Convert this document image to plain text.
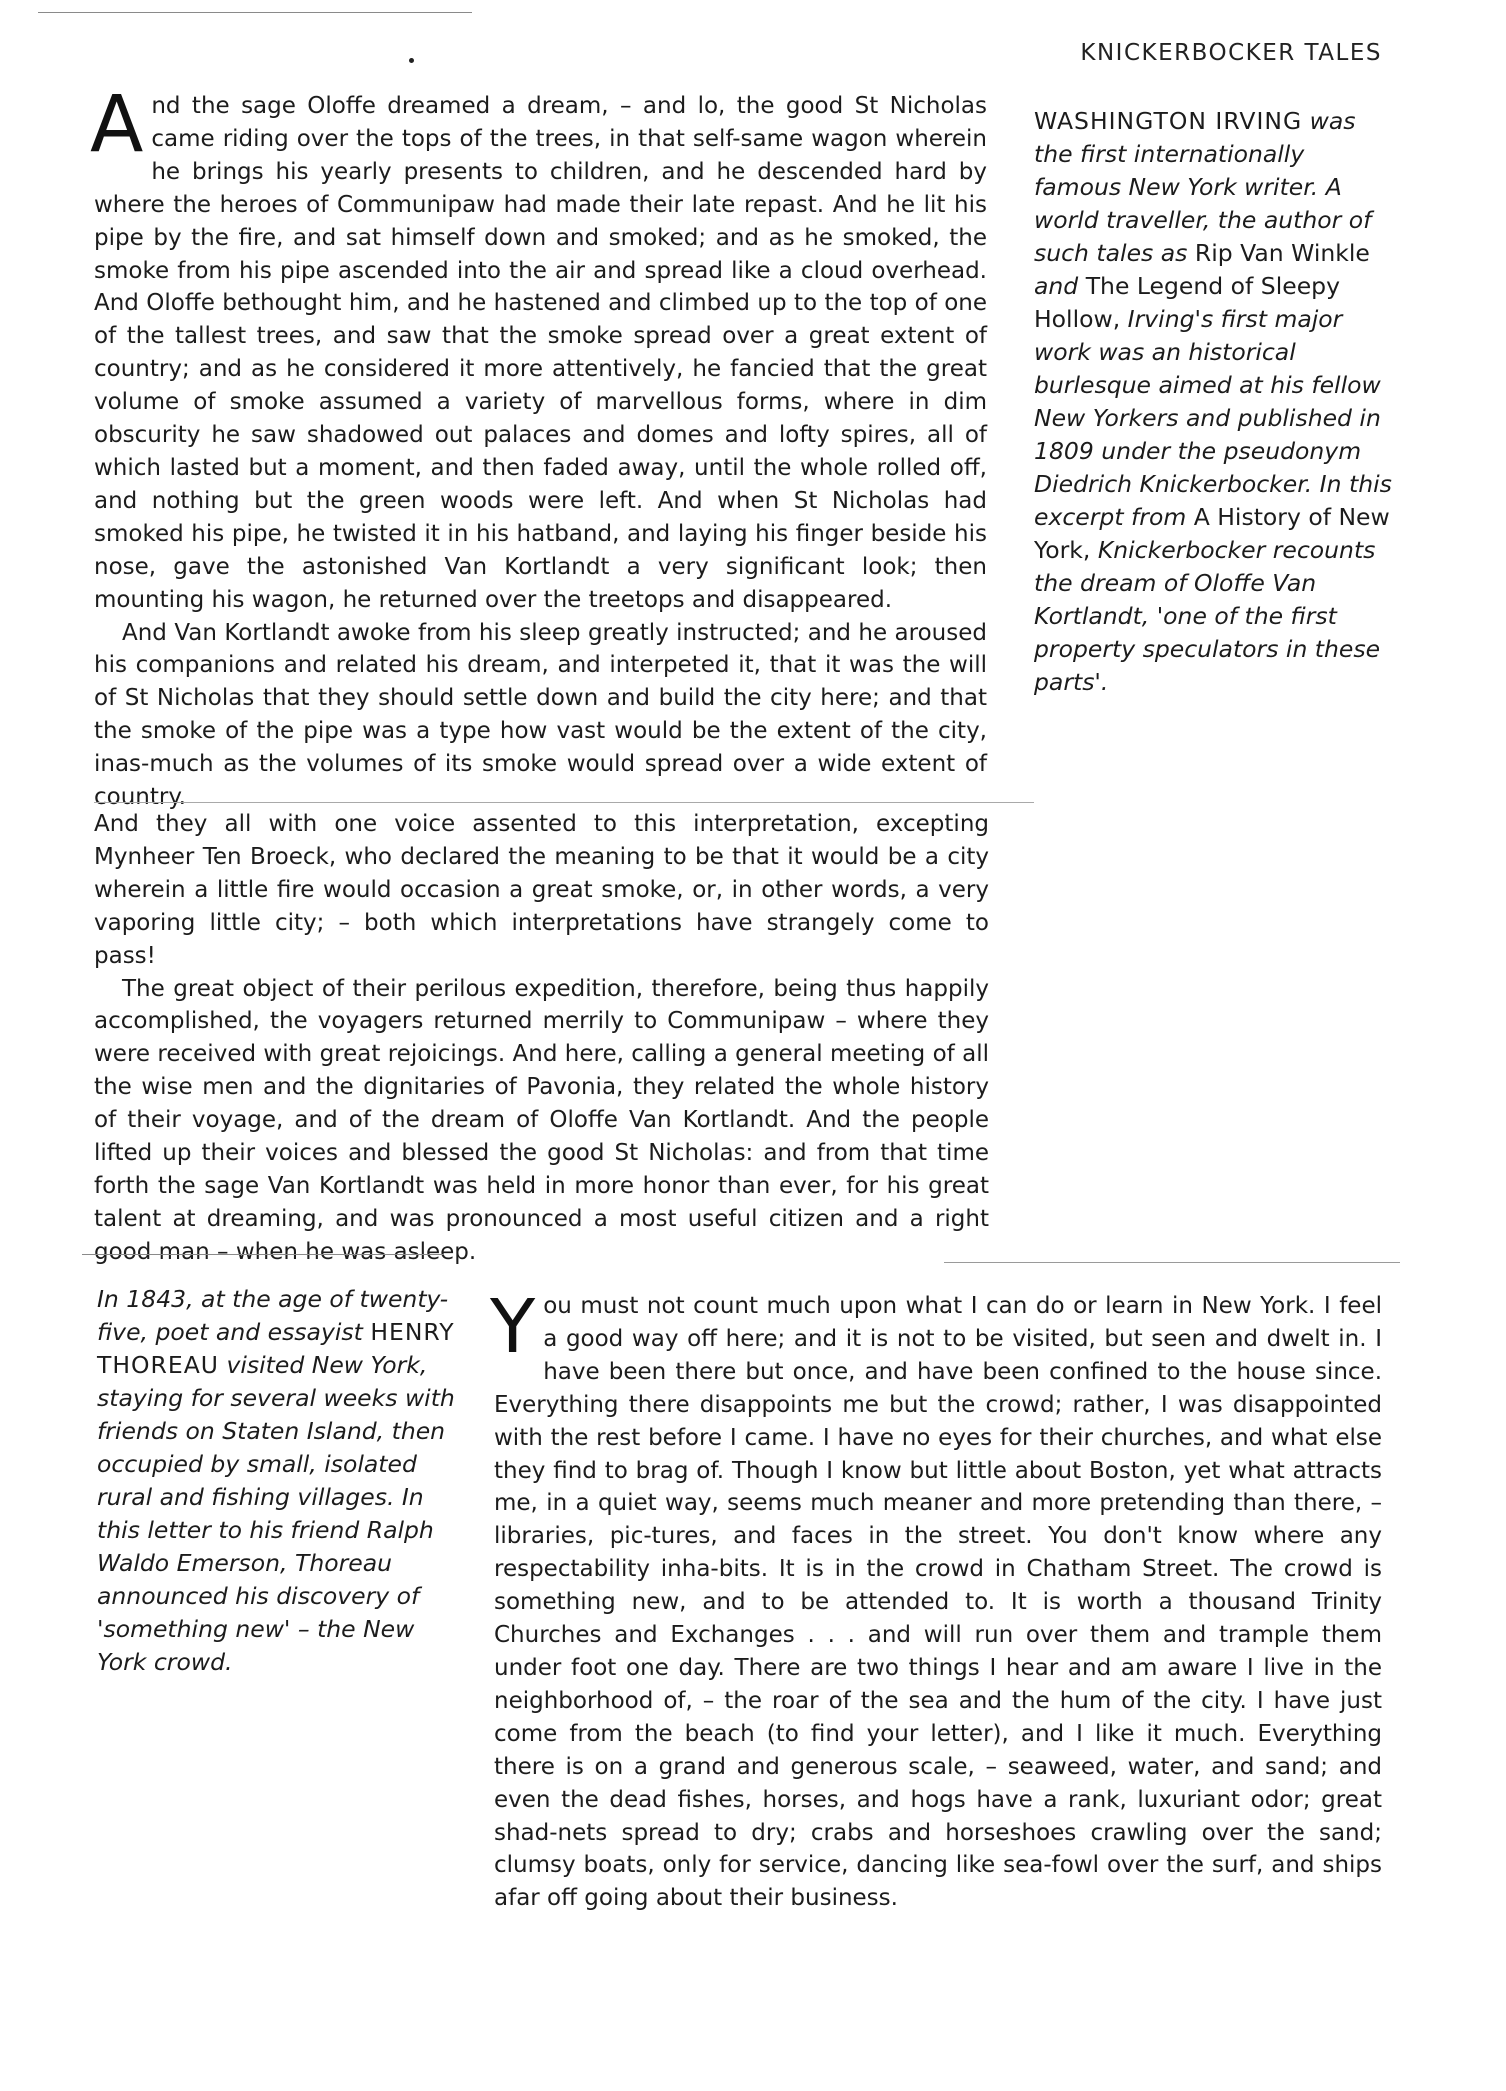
KNICKERBOCKER TALES

And the sage Oloffe dreamed a dream, – and lo, the good St Nicholas came riding over the tops of the trees, in that self-same wagon wherein he brings his yearly presents to children, and he descended hard by where the heroes of Communipaw had made their late repast. And he lit his pipe by the fire, and sat himself down and smoked; and as he smoked, the smoke from his pipe ascended into the air and spread like a cloud overhead. And Oloffe bethought him, and he hastened and climbed up to the top of one of the tallest trees, and saw that the smoke spread over a great extent of country; and as he considered it more attentively, he fancied that the great volume of smoke assumed a variety of marvellous forms, where in dim obscurity he saw shadowed out palaces and domes and lofty spires, all of which lasted but a moment, and then faded away, until the whole rolled off, and nothing but the green woods were left. And when St Nicholas had smoked his pipe, he twisted it in his hatband, and laying his finger beside his nose, gave the astonished Van Kortlandt a very significant look; then mounting his wagon, he returned over the treetops and disappeared.

And Van Kortlandt awoke from his sleep greatly instructed; and he aroused his companions and related his dream, and interpeted it, that it was the will of St Nicholas that they should settle down and build the city here; and that the smoke of the pipe was a type how vast would be the extent of the city, inas-much as the volumes of its smoke would spread over a wide extent of country.

WASHINGTON IRVING was the first internationally famous New York writer. A world traveller, the author of such tales as Rip Van Winkle and The Legend of Sleepy Hollow, Irving's first major work was an historical burlesque aimed at his fellow New Yorkers and published in 1809 under the pseudonym Diedrich Knickerbocker. In this excerpt from A History of New York, Knickerbocker recounts the dream of Oloffe Van Kortlandt, 'one of the first property speculators in these parts'.

And they all with one voice assented to this interpretation, excepting Mynheer Ten Broeck, who declared the meaning to be that it would be a city wherein a little fire would occasion a great smoke, or, in other words, a very vaporing little city; – both which interpretations have strangely come to pass!

The great object of their perilous expedition, therefore, being thus happily accomplished, the voyagers returned merrily to Communipaw – where they were received with great rejoicings. And here, calling a general meeting of all the wise men and the dignitaries of Pavonia, they related the whole history of their voyage, and of the dream of Oloffe Van Kortlandt. And the people lifted up their voices and blessed the good St Nicholas: and from that time forth the sage Van Kortlandt was held in more honor than ever, for his great talent at dreaming, and was pronounced a most useful citizen and a right good man – when he was asleep.

In 1843, at the age of twenty-five, poet and essayist HENRY THOREAU visited New York, staying for several weeks with friends on Staten Island, then occupied by small, isolated rural and fishing villages. In this letter to his friend Ralph Waldo Emerson, Thoreau announced his discovery of 'something new' – the New York crowd.

You must not count much upon what I can do or learn in New York. I feel a good way off here; and it is not to be visited, but seen and dwelt in. I have been there but once, and have been confined to the house since. Everything there disappoints me but the crowd; rather, I was disappointed with the rest before I came. I have no eyes for their churches, and what else they find to brag of. Though I know but little about Boston, yet what attracts me, in a quiet way, seems much meaner and more pretending than there, – libraries, pic-tures, and faces in the street. You don't know where any respectability inha-bits. It is in the crowd in Chatham Street. The crowd is something new, and to be attended to. It is worth a thousand Trinity Churches and Exchanges . . . and will run over them and trample them under foot one day. There are two things I hear and am aware I live in the neighborhood of, – the roar of the sea and the hum of the city. I have just come from the beach (to find your letter), and I like it much. Everything there is on a grand and generous scale, – seaweed, water, and sand; and even the dead fishes, horses, and hogs have a rank, luxuriant odor; great shad-nets spread to dry; crabs and horseshoes crawling over the sand; clumsy boats, only for service, dancing like sea-fowl over the surf, and ships afar off going about their business.
